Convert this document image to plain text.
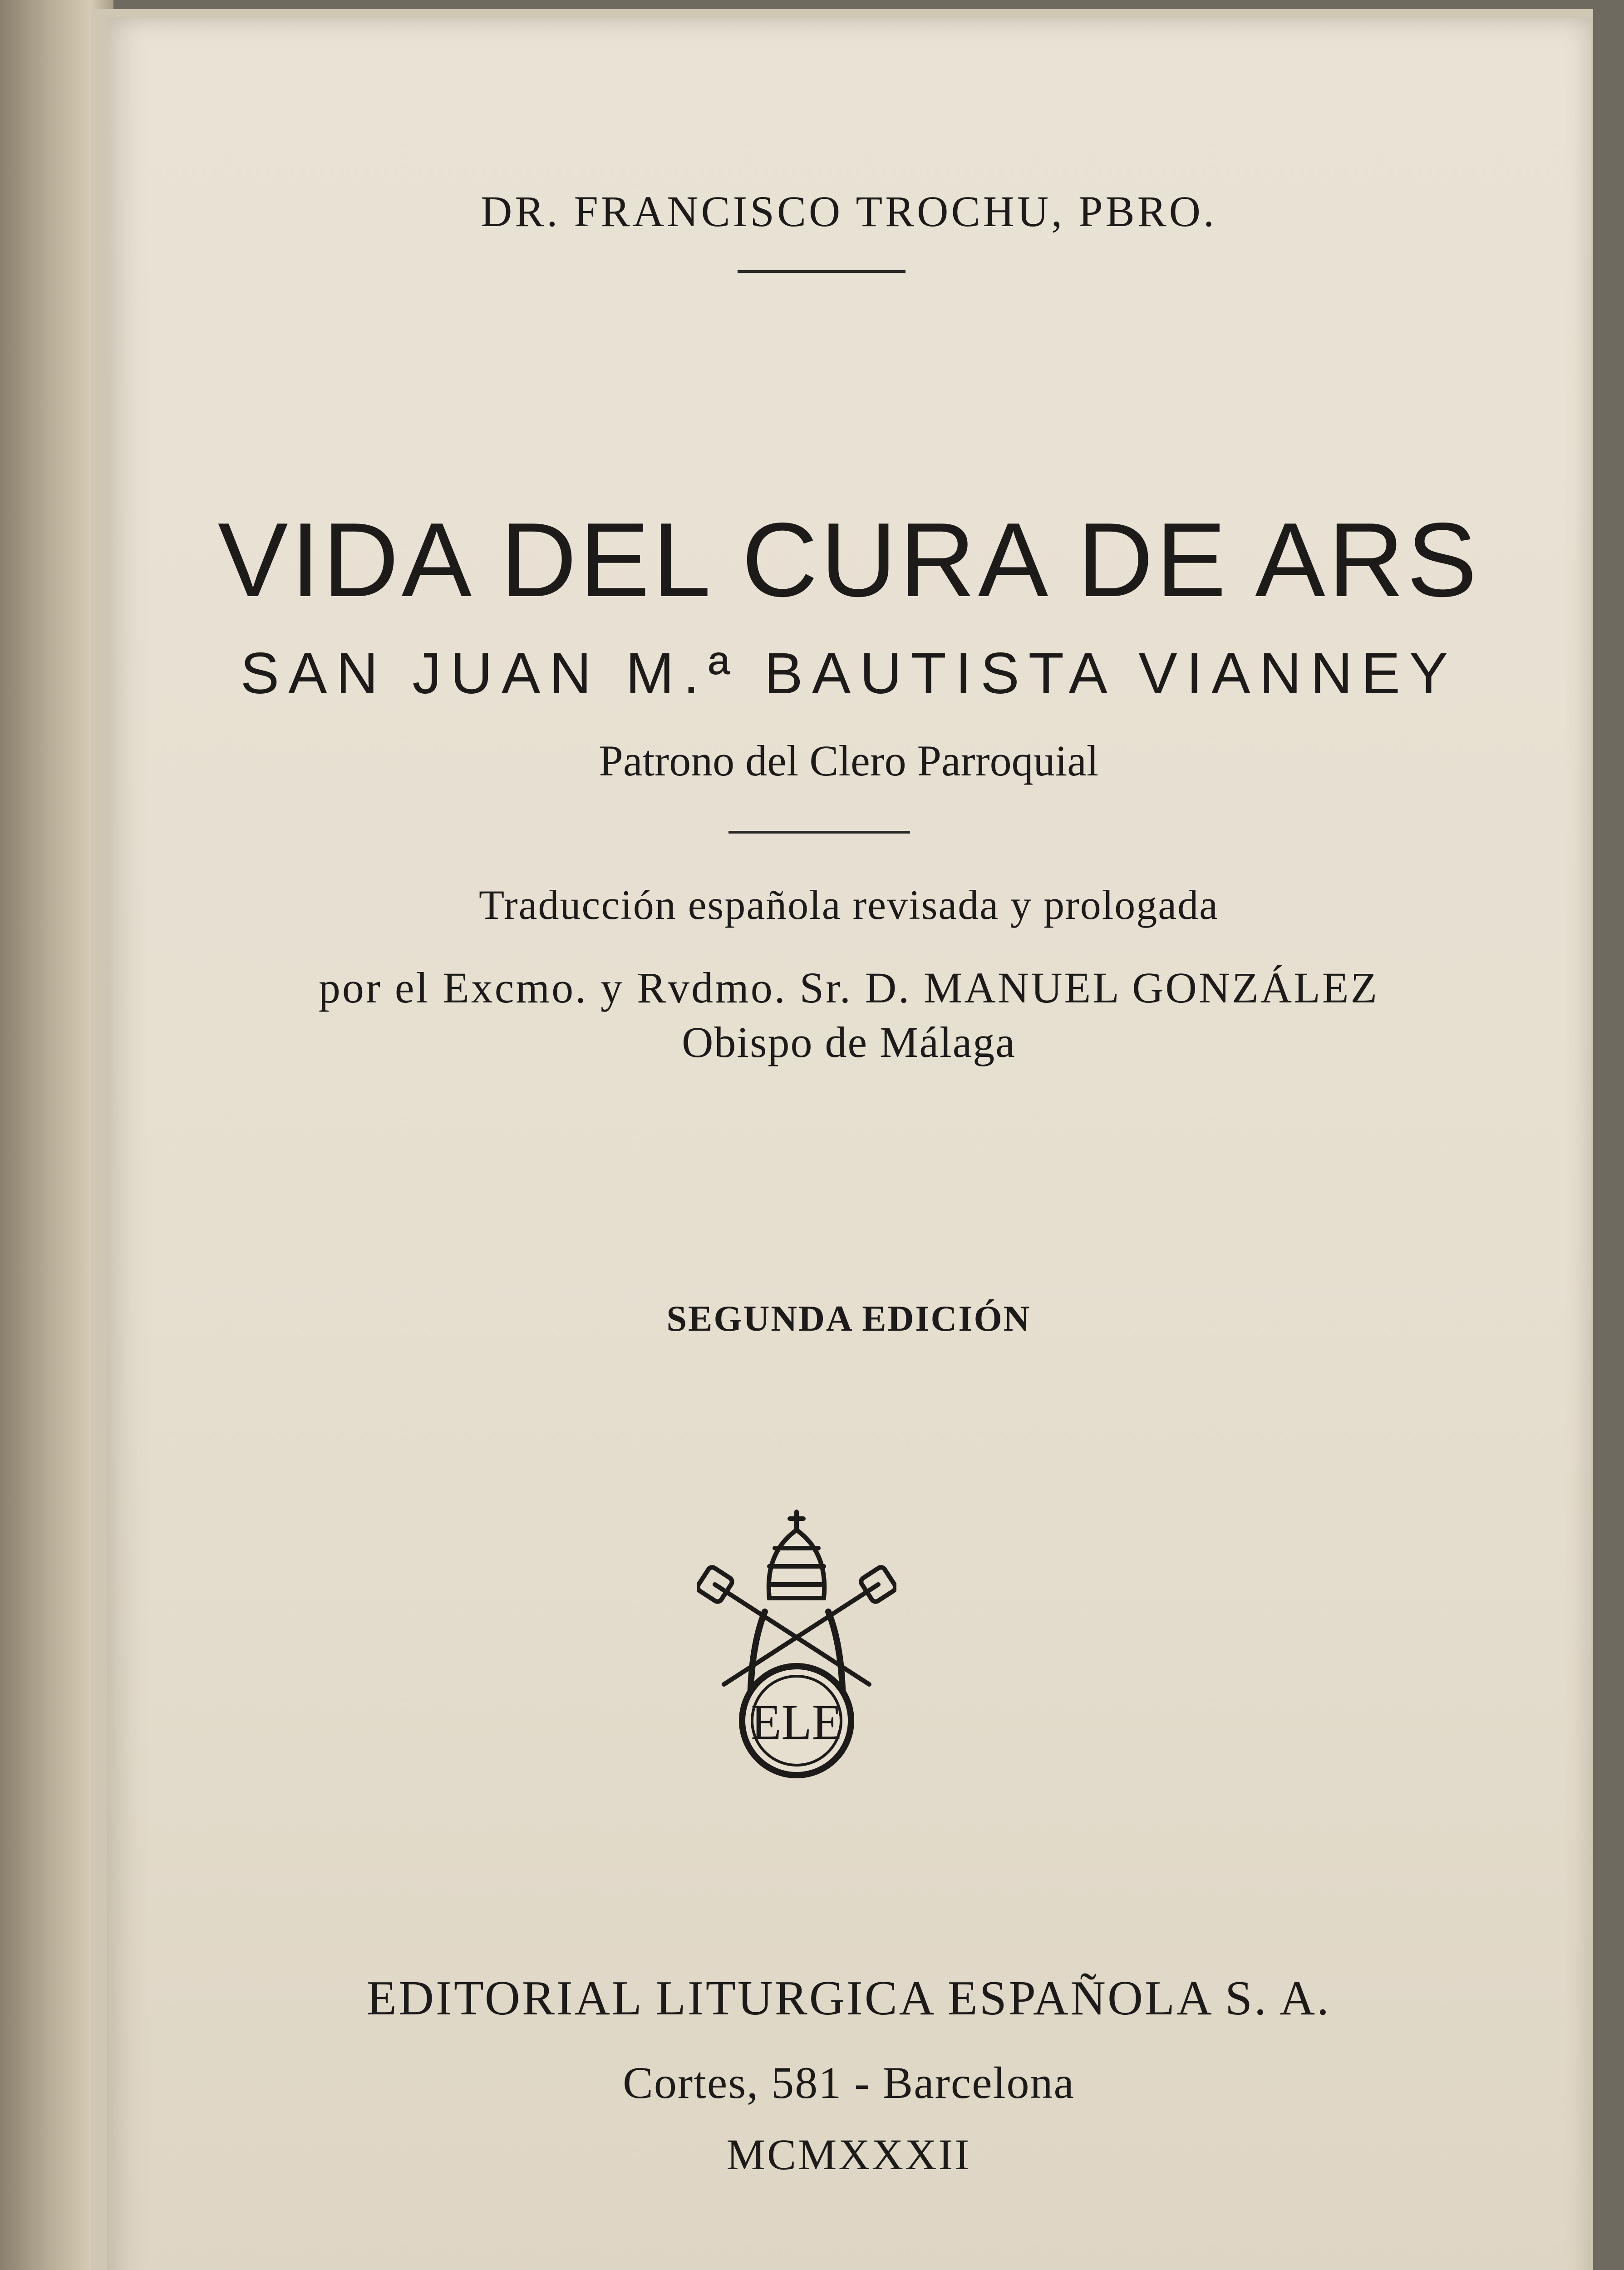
DR. FRANCISCO TROCHU, PBRO.
VIDA DEL CURA DE ARS
SAN JUAN M.ª BAUTISTA VIANNEY
Patrono del Clero Parroquial
Traducción española revisada y prologada
por el Excmo. y Rvdmo. Sr. D. MANUEL GONZÁLEZ
Obispo de Málaga
SEGUNDA EDICIÓN
ELE
EDITORIAL LITURGICA ESPAÑOLA S. A.
Cortes, 581 - Barcelona
MCMXXXII
